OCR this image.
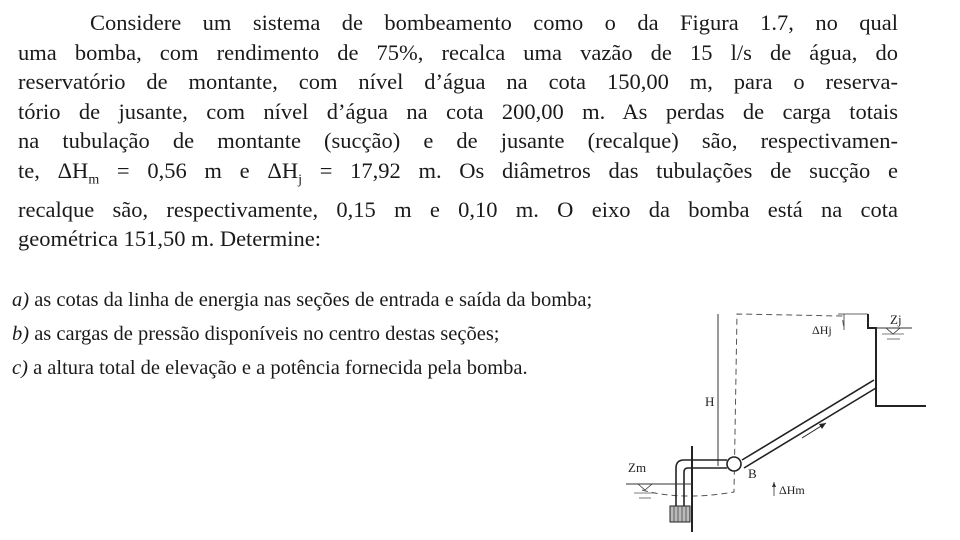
Considere um sistema de bombeamento como o da Figura 1.7, no qual
uma bomba, com rendimento de 75%, recalca uma vazão de 15 l/s de água, do
reservatório de montante, com nível d’água na cota 150,00 m, para o reserva-
tório de jusante, com nível d’água na cota 200,00 m. As perdas de carga totais
na tubulação de montante (sucção) e de jusante (recalque) são, respectivamen-
te, $\Delta H_m = 0,56$ m e $\Delta H_j = 17,92$ m. Os diâmetros das tubulações de sucção e
recalque são, respectivamente, 0,15 m e 0,10 m. O eixo da bomba está na cota
geométrica 151,50 m. Determine:
a) as cotas da linha de energia nas seções de entrada e saída da bomba;
b) as cargas de pressão disponíveis no centro destas seções;
c) a altura total de elevação e a potência fornecida pela bomba.
Zj
ΔHj
H
Zm	B
ΔHm
